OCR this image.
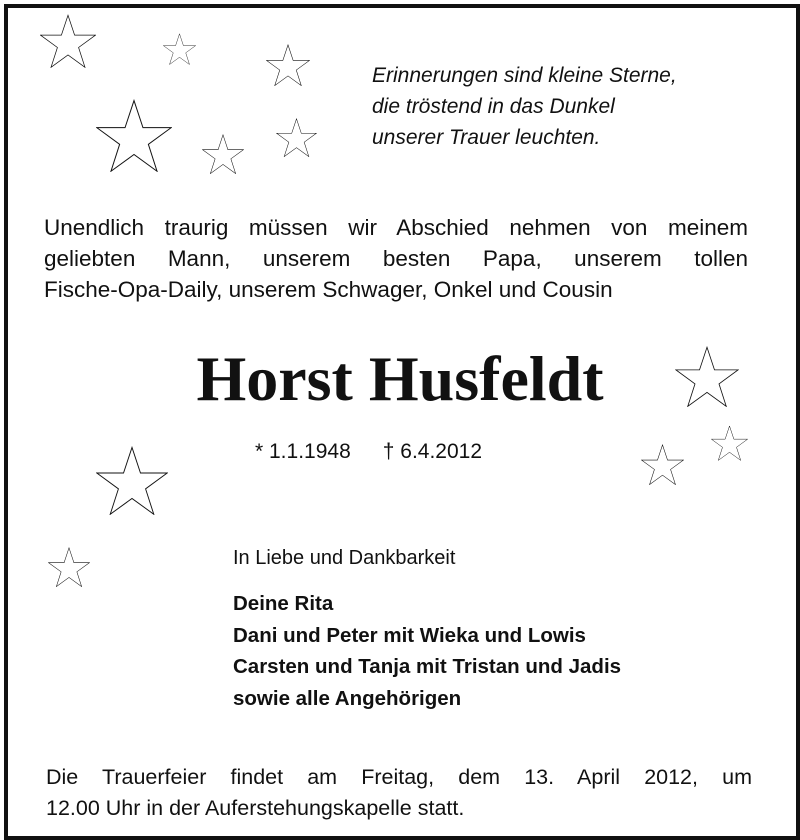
Erinnerungen sind kleine Sterne,
die tröstend in das Dunkel
unserer Trauer leuchten.
Unendlich traurig müssen wir Abschied nehmen von meinem
geliebten Mann, unserem besten Papa, unserem tollen
Fische-Opa-Daily, unserem Schwager, Onkel und Cousin
Horst Husfeldt
* 1.1.1948 † 6.4.2012
In Liebe und Dankbarkeit
Deine Rita
Dani und Peter mit Wieka und Lowis
Carsten und Tanja mit Tristan und Jadis
sowie alle Angehörigen
Die Trauerfeier findet am Freitag, dem 13. April 2012, um
12.00 Uhr in der Auferstehungskapelle statt.
